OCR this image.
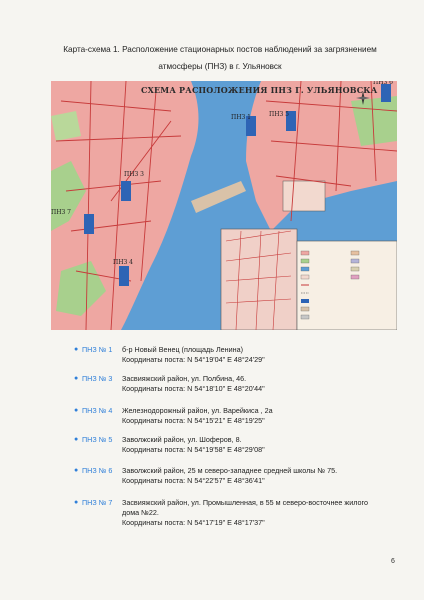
Карта-схема 1. Расположение стационарных постов наблюдений за загрязнением
атмосферы (ПНЗ) в г. Ульяновск
СХЕМА РАСПОЛОЖЕНИЯ ПНЗ Г. УЛЬЯНОВСКА
ПНЗ 1	ПНЗ 5
ПНЗ 3
ПНЗ 7
ПНЗ 4
ПНЗ 6
● ПНЗ № 1 б-р Новый Венец (площадь Ленина)
Координаты поста: N 54°19'04" E 48°24'29"
● ПНЗ № 3 Засвияжский район, ул. Полбина, 46.
Координаты поста: N 54°18'10" E 48°20'44"
● ПНЗ № 4 Железнодорожный район, ул. Варейкиса , 2а
Координаты поста: N 54°15'21" E 48°19'25"
● ПНЗ № 5 Заволжский район, ул. Шоферов, 8.
Координаты поста: N 54°19'58" E 48°29'08"
● ПНЗ № 6 Заволжский район, 25 м северо-западнее средней школы № 75.
Координаты поста: N 54°22'57" E 48°36'41"
● ПНЗ № 7 Засвияжский район, ул. Промышленная, в 55 м северо-восточнее жилого
дома №22.
Координаты поста: N 54°17'19" E 48°17'37"
6
